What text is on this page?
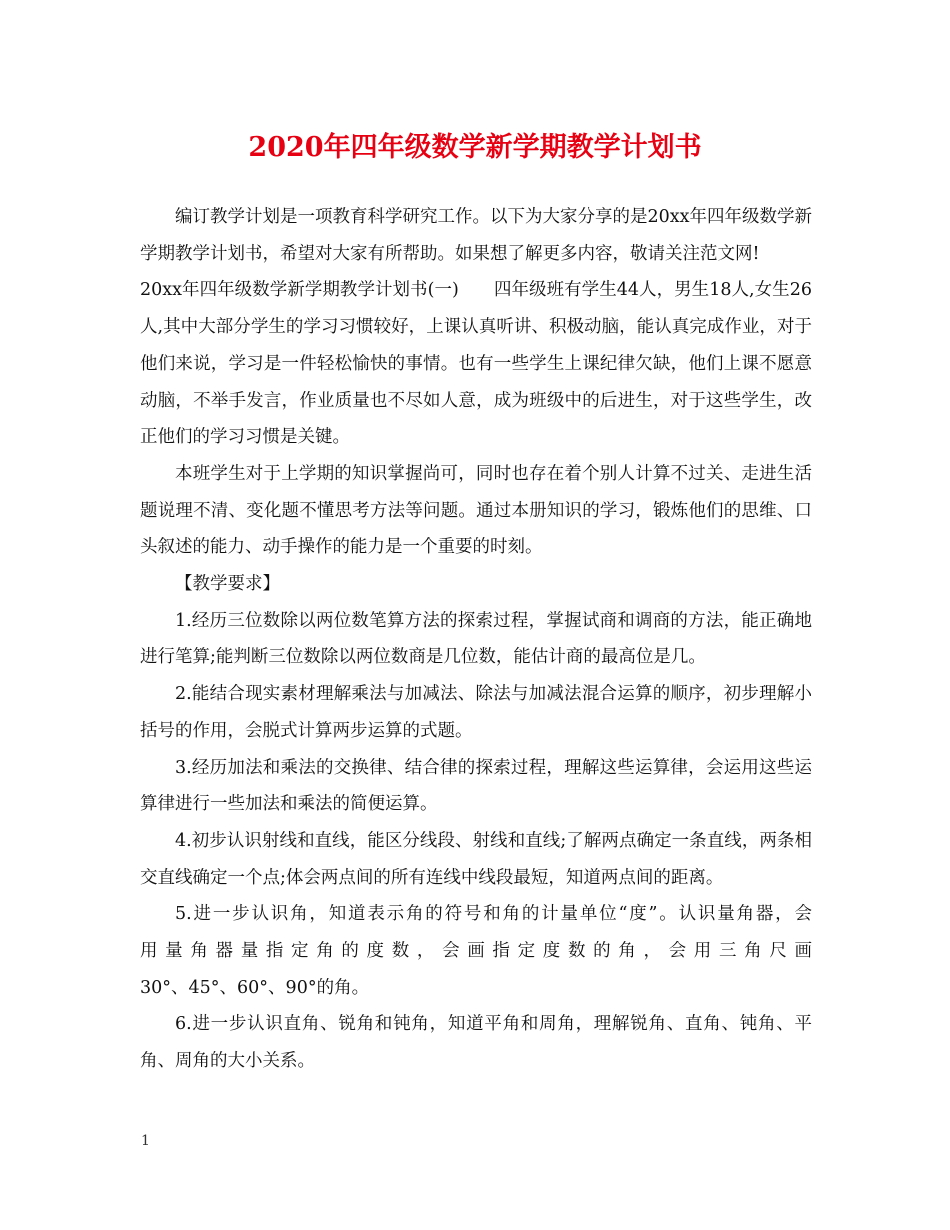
2020年四年级数学新学期教学计划书

编订教学计划是一项教育科学研究工作。以下为大家分享的是20xx年四年级数学新学期教学计划书，希望对大家有所帮助。如果想了解更多内容，敬请关注范文网!

20xx年四年级数学新学期教学计划书(一)　　四年级班有学生44人，男生18人,女生26人,其中大部分学生的学习习惯较好，上课认真听讲、积极动脑，能认真完成作业，对于他们来说，学习是一件轻松愉快的事情。也有一些学生上课纪律欠缺，他们上课不愿意动脑，不举手发言，作业质量也不尽如人意，成为班级中的后进生，对于这些学生，改正他们的学习习惯是关键。

本班学生对于上学期的知识掌握尚可，同时也存在着个别人计算不过关、走进生活题说理不清、变化题不懂思考方法等问题。通过本册知识的学习，锻炼他们的思维、口头叙述的能力、动手操作的能力是一个重要的时刻。

【教学要求】

1.经历三位数除以两位数笔算方法的探索过程，掌握试商和调商的方法，能正确地进行笔算;能判断三位数除以两位数商是几位数，能估计商的最高位是几。

2.能结合现实素材理解乘法与加减法、除法与加减法混合运算的顺序，初步理解小括号的作用，会脱式计算两步运算的式题。

3.经历加法和乘法的交换律、结合律的探索过程，理解这些运算律，会运用这些运算律进行一些加法和乘法的简便运算。

4.初步认识射线和直线，能区分线段、射线和直线;了解两点确定一条直线，两条相交直线确定一个点;体会两点间的所有连线中线段最短，知道两点间的距离。

5.进一步认识角，知道表示角的符号和角的计量单位“度”。认识量角器，会

用量角器量指定角的度数，会画指定度数的角，会用三角尺画

30°、45°、60°、90°的角。

6.进一步认识直角、锐角和钝角，知道平角和周角，理解锐角、直角、钝角、平角、周角的大小关系。

1
